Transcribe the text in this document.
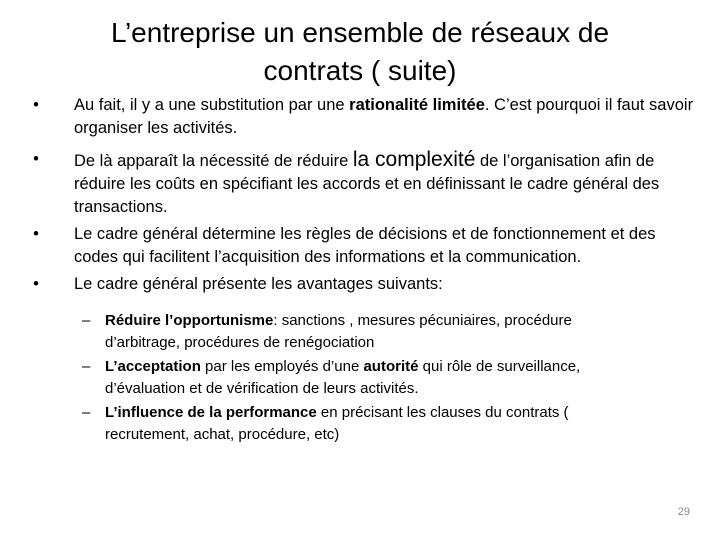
L’entreprise un ensemble de réseaux de
contrats ( suite)
•	Au fait, il y a une substitution par une rationalité limitée. C’est pourquoi il faut savoir organiser les activités.
•	De là apparaît la nécessité de réduire la complexité de l’organisation afin de réduire les coûts en spécifiant les accords et en définissant le cadre général des transactions.
•	Le cadre général détermine les règles de décisions et de fonctionnement et des codes qui facilitent l’acquisition des informations et la communication.
•	Le cadre général présente les avantages suivants:
– Réduire l’opportunisme: sanctions , mesures pécuniaires, procédure d’arbitrage, procédures de renégociation
– L’acceptation par les employés d’une autorité qui rôle de surveillance, d’évaluation et de vérification de leurs activités.
– L’influence de la performance en précisant les clauses du contrats ( recrutement, achat, procédure, etc)
29
